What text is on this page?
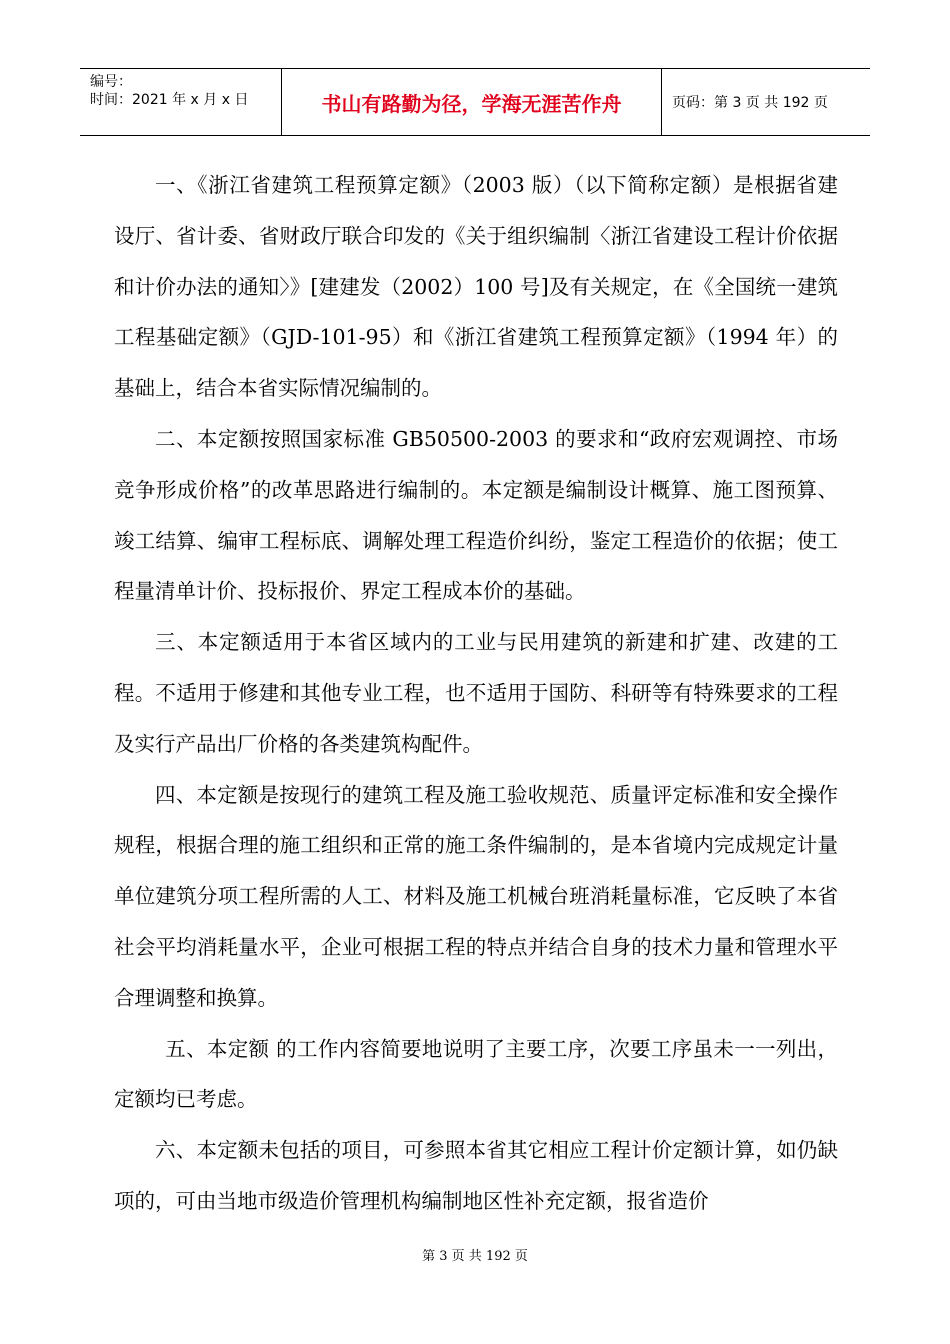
编号：
时间：2021 年 x 月 x 日	书山有路勤为径，学海无涯苦作舟	页码：第 3 页 共 192 页

一、《浙江省建筑工程预算定额》（2003 版）（以下简称定额）是根据省建设厅、省计委、省财政厅联合印发的《关于组织编制〈浙江省建设工程计价依据和计价办法的通知〉》[建建发（2002）100 号]及有关规定，在《全国统一建筑工程基础定额》（GJD-101-95）和《浙江省建筑工程预算定额》（1994 年）的基础上，结合本省实际情况编制的。

二、本定额按照国家标准 GB50500-2003 的要求和“政府宏观调控、市场竞争形成价格”的改革思路进行编制的。本定额是编制设计概算、施工图预算、竣工结算、编审工程标底、调解处理工程造价纠纷，鉴定工程造价的依据；使工程量清单计价、投标报价、界定工程成本价的基础。

三、本定额适用于本省区域内的工业与民用建筑的新建和扩建、改建的工程。不适用于修建和其他专业工程，也不适用于国防、科研等有特殊要求的工程及实行产品出厂价格的各类建筑构配件。

四、本定额是按现行的建筑工程及施工验收规范、质量评定标准和安全操作规程，根据合理的施工组织和正常的施工条件编制的，是本省境内完成规定计量单位建筑分项工程所需的人工、材料及施工机械台班消耗量标准，它反映了本省社会平均消耗量水平，企业可根据工程的特点并结合自身的技术力量和管理水平合理调整和换算。

五、本定额 的工作内容简要地说明了主要工序，次要工序虽未一一列出，定额均已考虑。

六、本定额未包括的项目，可参照本省其它相应工程计价定额计算，如仍缺项的，可由当地市级造价管理机构编制地区性补充定额，报省造价

第 3 页 共 192 页
